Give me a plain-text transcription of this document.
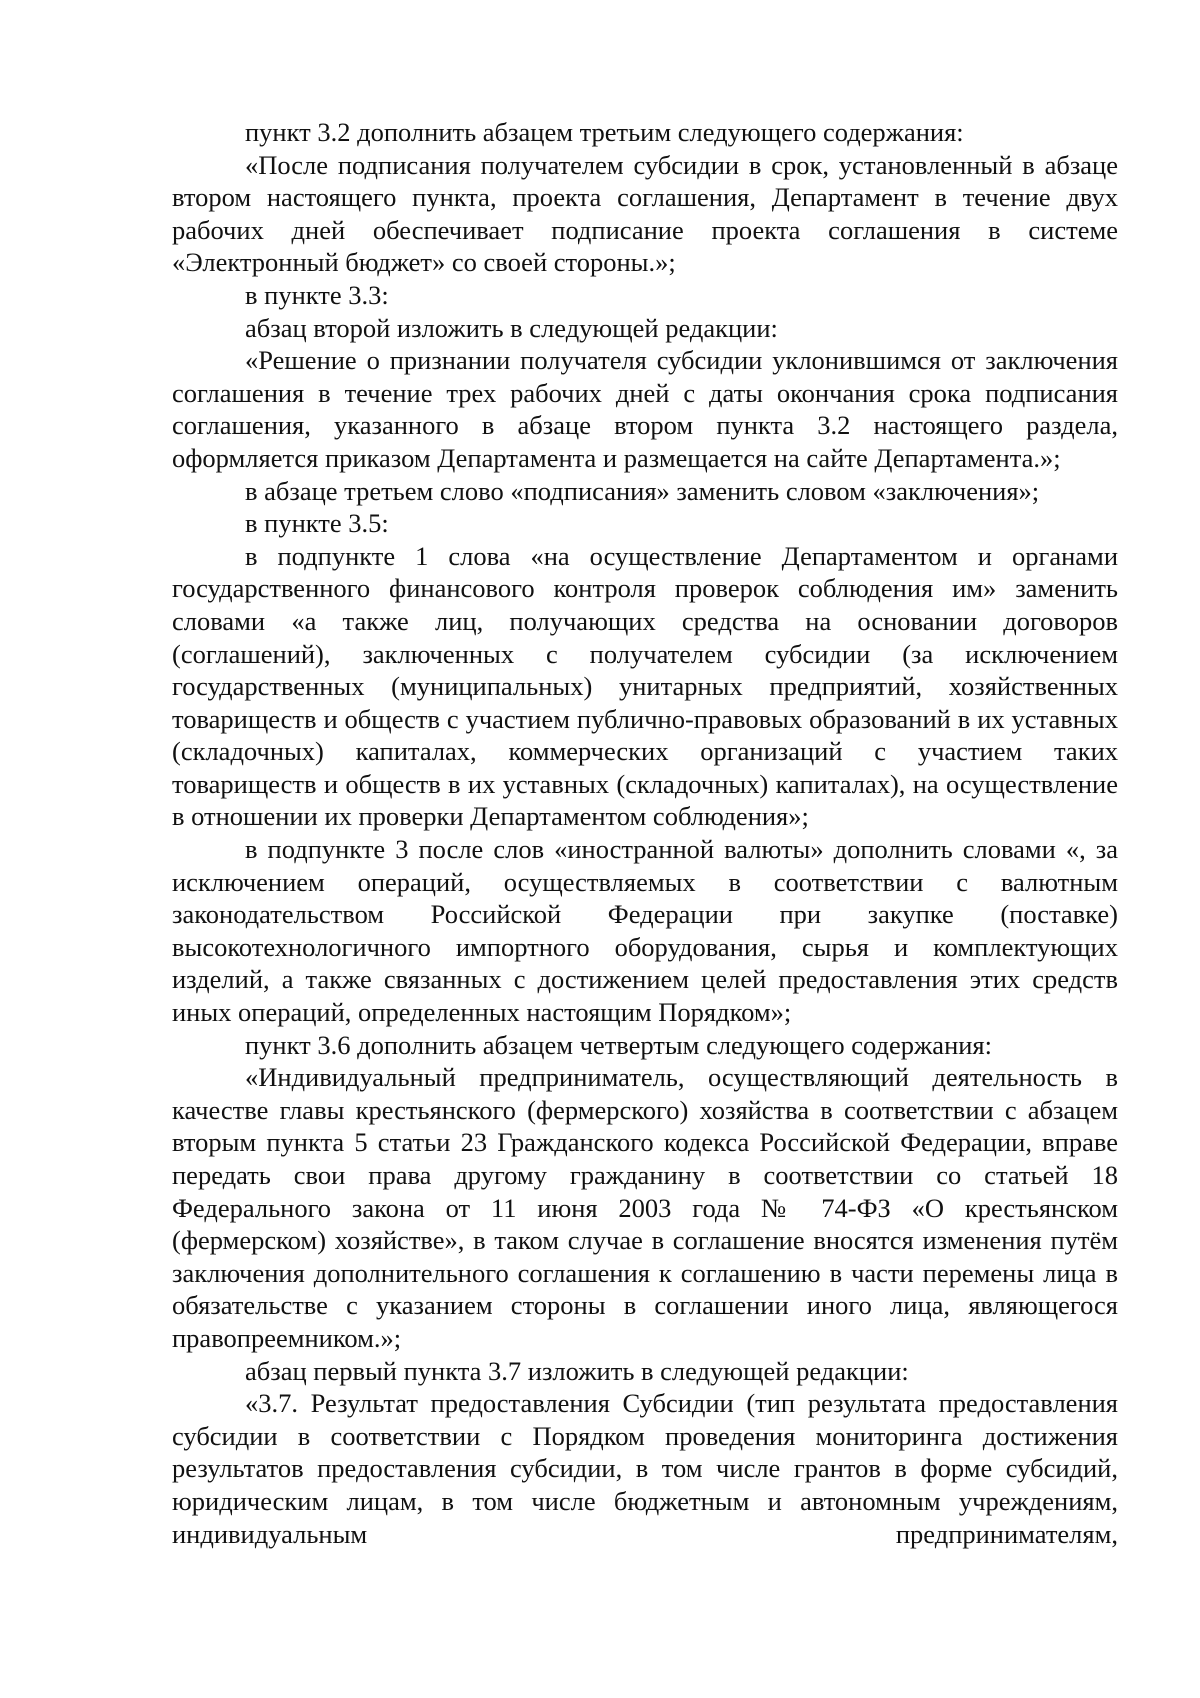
пункт 3.2 дополнить абзацем третьим следующего содержания:

«После подписания получателем субсидии в срок, установленный в абзаце втором настоящего пункта, проекта соглашения, Департамент в течение двух рабочих дней обеспечивает подписание проекта соглашения в системе «Электронный бюджет» со своей стороны.»;

в пункте 3.3:

абзац второй изложить в следующей редакции:

«Решение о признании получателя субсидии уклонившимся от заключения соглашения в течение трех рабочих дней с даты окончания срока подписания соглашения, указанного в абзаце втором пункта 3.2 настоящего раздела, оформляется приказом Департамента и размещается на сайте Департамента.»;

в абзаце третьем слово «подписания» заменить словом «заключения»;

в пункте 3.5:

в подпункте 1 слова «на осуществление Департаментом и органами государственного финансового контроля проверок соблюдения им» заменить словами «а также лиц, получающих средства на основании договоров (соглашений), заключенных с получателем субсидии (за исключением государственных (муниципальных) унитарных предприятий, хозяйственных товариществ и обществ с участием публично-правовых образований в их уставных (складочных) капиталах, коммерческих организаций с участием таких товариществ и обществ в их уставных (складочных) капиталах), на осуществление в отношении их проверки Департаментом соблюдения»;

в подпункте 3 после слов «иностранной валюты» дополнить словами «, за исключением операций, осуществляемых в соответствии с валютным законодательством Российской Федерации при закупке (поставке) высокотехнологичного импортного оборудования, сырья и комплектующих изделий, а также связанных с достижением целей предоставления этих средств иных операций, определенных настоящим Порядком»;

пункт 3.6 дополнить абзацем четвертым следующего содержания:

«Индивидуальный предприниматель, осуществляющий деятельность в качестве главы крестьянского (фермерского) хозяйства в соответствии с абзацем вторым пункта 5 статьи 23 Гражданского кодекса Российской Федерации, вправе передать свои права другому гражданину в соответствии со статьей 18 Федерального закона от 11 июня 2003 года № 74-ФЗ «О крестьянском (фермерском) хозяйстве», в таком случае в соглашение вносятся изменения путём заключения дополнительного соглашения к соглашению в части перемены лица в обязательстве с указанием стороны в соглашении иного лица, являющегося правопреемником.»;

абзац первый пункта 3.7 изложить в следующей редакции:

«3.7. Результат предоставления Субсидии (тип результата предоставления субсидии в соответствии с Порядком проведения мониторинга достижения результатов предоставления субсидии, в том числе грантов в форме субсидий, юридическим лицам, в том числе бюджетным и автономным учреждениям, индивидуальным предпринимателям,
